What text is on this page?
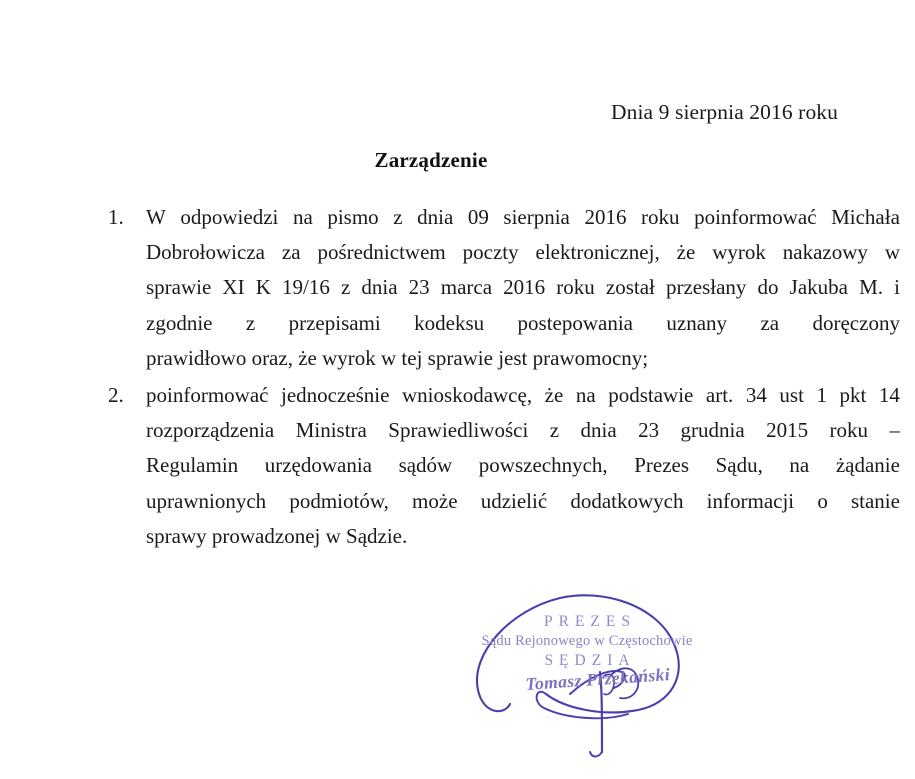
Dnia 9 sierpnia 2016 roku
Zarządzenie
1.	W odpowiedzi na pismo z dnia 09 sierpnia 2016 roku poinformować Michała
Dobrołowicza za pośrednictwem poczty elektronicznej, że wyrok nakazowy w
sprawie XI K 19/16 z dnia 23 marca 2016 roku został przesłany do Jakuba M. i
zgodnie z przepisami kodeksu postepowania uznany za doręczony
prawidłowo oraz, że wyrok w tej sprawie jest prawomocny;
2.	poinformować jednocześnie wnioskodawcę, że na podstawie art. 34 ust 1 pkt 14
rozporządzenia Ministra Sprawiedliwości z dnia 23 grudnia 2015 roku –
Regulamin urzędowania sądów powszechnych, Prezes Sądu, na żądanie
uprawnionych podmiotów, może udzielić dodatkowych informacji o stanie
sprawy prowadzonej w Sądzie.
PREZES
Sądu Rejonowego w Częstochowie
SĘDZIA
Tomasz Przekański
